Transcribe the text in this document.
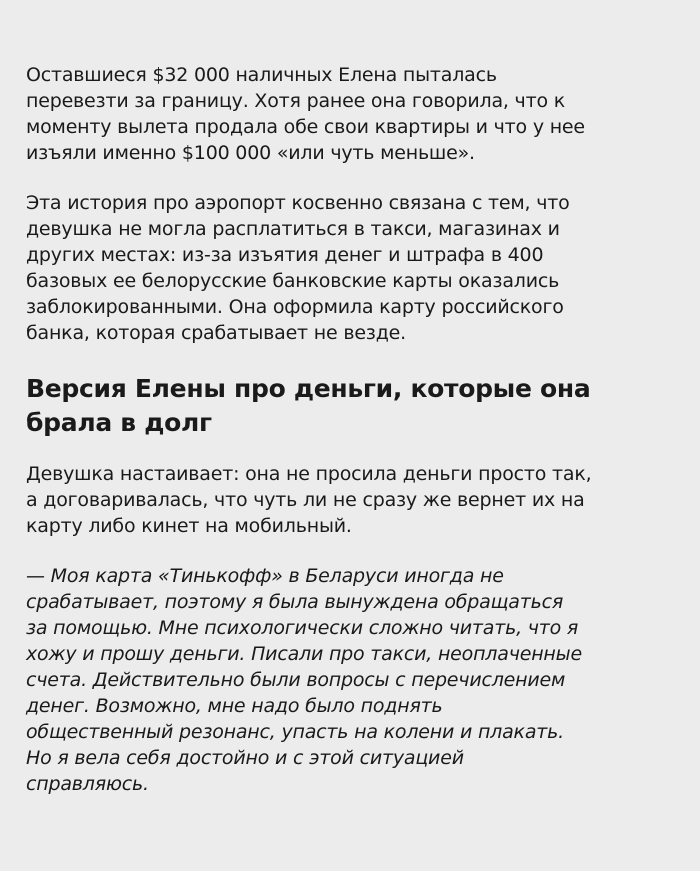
Оставшиеся $32 000 наличных Елена пыталась
перевезти за границу. Хотя ранее она говорила, что к
моменту вылета продала обе свои квартиры и что у нее
изъяли именно $100 000 «или чуть меньше».

Эта история про аэропорт косвенно связана с тем, что
девушка не могла расплатиться в такси, магазинах и
других местах: из-за изъятия денег и штрафа в 400
базовых ее белорусские банковские карты оказались
заблокированными. Она оформила карту российского
банка, которая срабатывает не везде.

Версия Елены про деньги, которые она
брала в долг

Девушка настаивает: она не просила деньги просто так,
а договаривалась, что чуть ли не сразу же вернет их на
карту либо кинет на мобильный.

— Моя карта «Тинькофф» в Беларуси иногда не
срабатывает, поэтому я была вынуждена обращаться
за помощью. Мне психологически сложно читать, что я
хожу и прошу деньги. Писали про такси, неоплаченные
счета. Действительно были вопросы с перечислением
денег. Возможно, мне надо было поднять
общественный резонанс, упасть на колени и плакать.
Но я вела себя достойно и с этой ситуацией
справляюсь.
